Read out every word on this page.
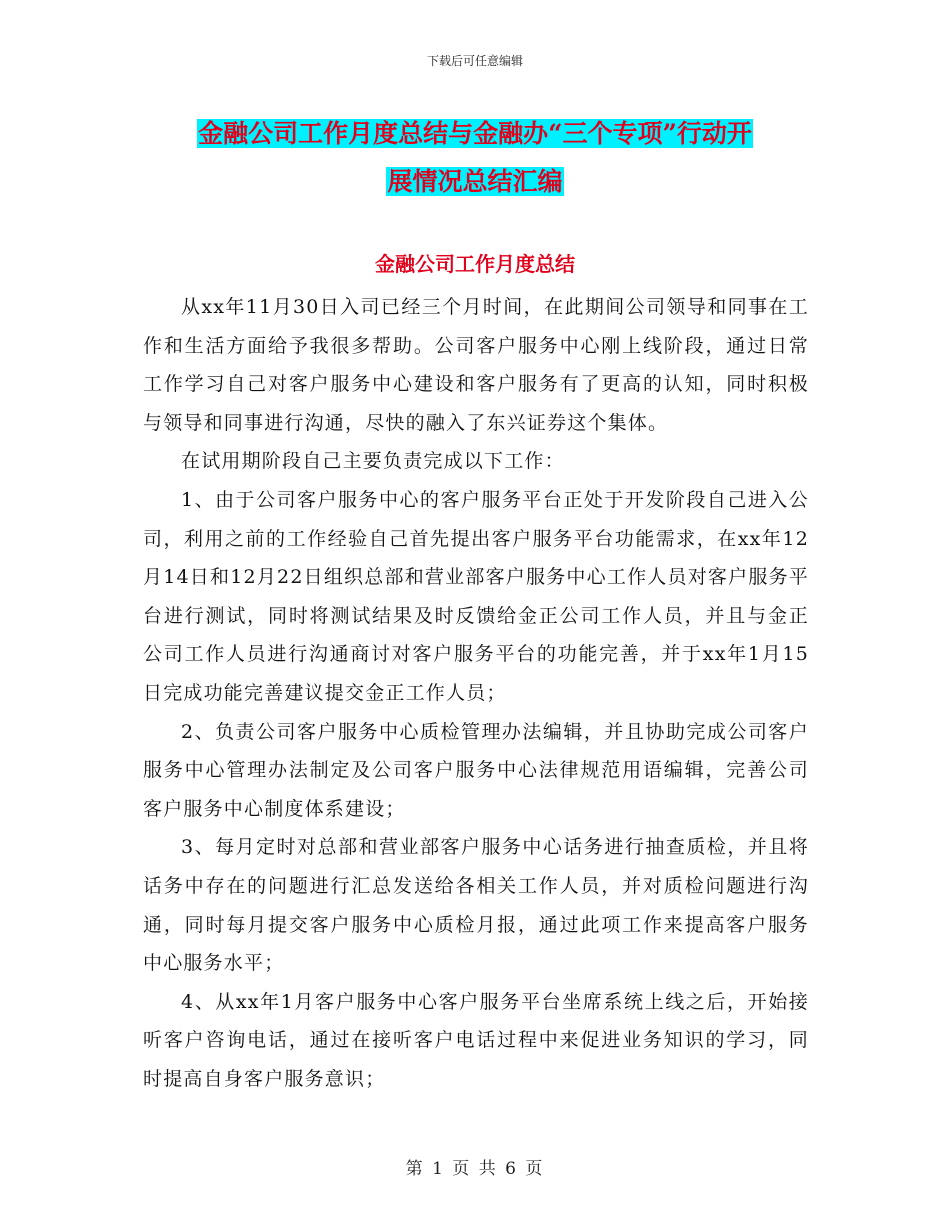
下载后可任意编辑
金融公司工作月度总结与金融办“三个专项”行动开
展情况总结汇编
金融公司工作月度总结

从xx年11月30日入司已经三个月时间，在此期间公司领导和同事在工作和生活方面给予我很多帮助。公司客户服务中心刚上线阶段，通过日常工作学习自己对客户服务中心建设和客户服务有了更高的认知，同时积极与领导和同事进行沟通，尽快的融入了东兴证券这个集体。

在试用期阶段自己主要负责完成以下工作：

1、由于公司客户服务中心的客户服务平台正处于开发阶段自己进入公司，利用之前的工作经验自己首先提出客户服务平台功能需求，在xx年12月14日和12月22日组织总部和营业部客户服务中心工作人员对客户服务平台进行测试，同时将测试结果及时反馈给金正公司工作人员，并且与金正公司工作人员进行沟通商讨对客户服务平台的功能完善，并于xx年1月15日完成功能完善建议提交金正工作人员；

2、负责公司客户服务中心质检管理办法编辑，并且协助完成公司客户服务中心管理办法制定及公司客户服务中心法律规范用语编辑，完善公司客户服务中心制度体系建设；

3、每月定时对总部和营业部客户服务中心话务进行抽查质检，并且将话务中存在的问题进行汇总发送给各相关工作人员，并对质检问题进行沟通，同时每月提交客户服务中心质检月报，通过此项工作来提高客户服务中心服务水平；

4、从xx年1月客户服务中心客户服务平台坐席系统上线之后，开始接听客户咨询电话，通过在接听客户电话过程中来促进业务知识的学习，同时提高自身客户服务意识；

第 1 页 共 6 页
